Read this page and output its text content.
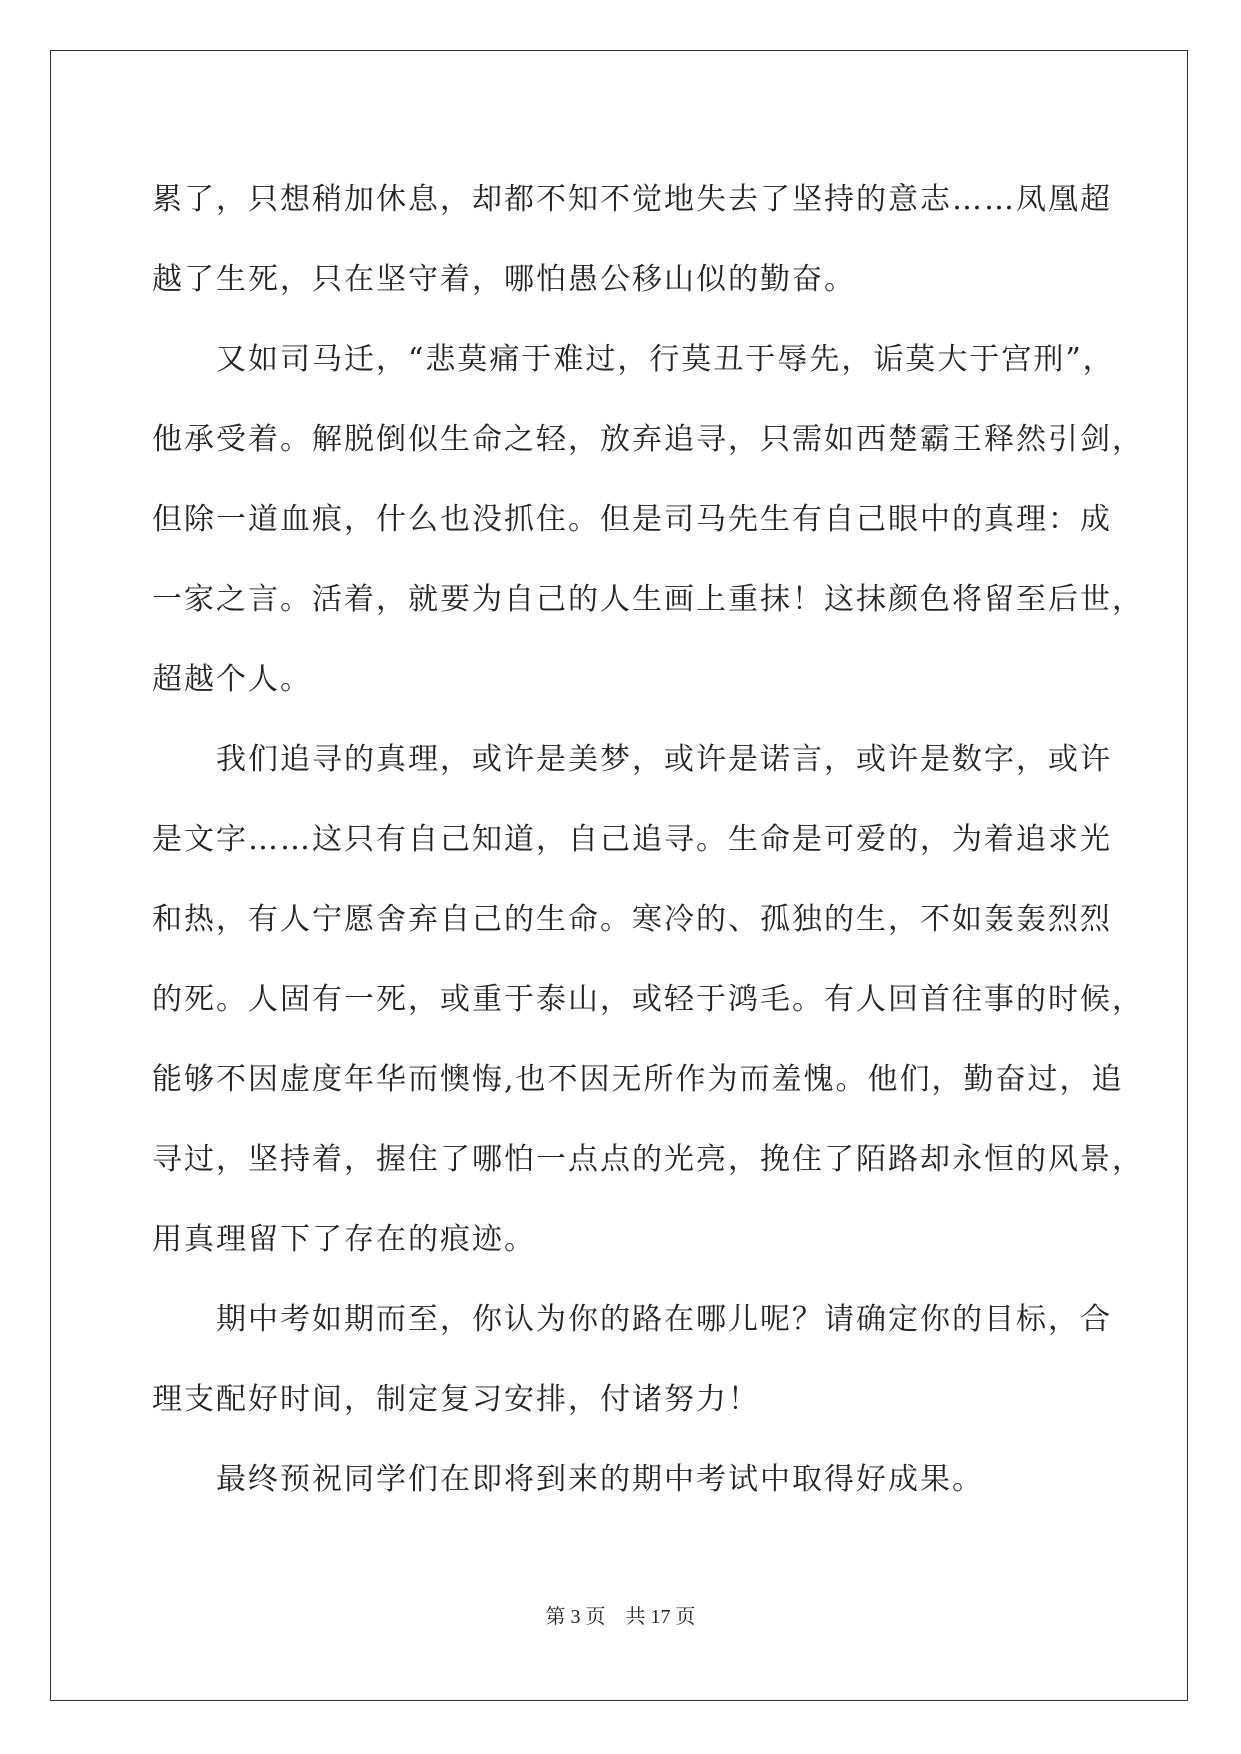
累了，只想稍加休息，却都不知不觉地失去了坚持的意志……凤凰超
越了生死，只在坚守着，哪怕愚公移山似的勤奋。

又如司马迁，“悲莫痛于难过，行莫丑于辱先，诟莫大于宫刑”，
他承受着。解脱倒似生命之轻，放弃追寻，只需如西楚霸王释然引剑，
但除一道血痕，什么也没抓住。但是司马先生有自己眼中的真理：成
一家之言。活着，就要为自己的人生画上重抹！这抹颜色将留至后世，
超越个人。

我们追寻的真理，或许是美梦，或许是诺言，或许是数字，或许
是文字……这只有自己知道，自己追寻。生命是可爱的，为着追求光
和热，有人宁愿舍弃自己的生命。寒冷的、孤独的生，不如轰轰烈烈
的死。人固有一死，或重于泰山，或轻于鸿毛。有人回首往事的时候，
能够不因虚度年华而懊悔,也不因无所作为而羞愧。他们，勤奋过，追
寻过，坚持着，握住了哪怕一点点的光亮，挽住了陌路却永恒的风景，
用真理留下了存在的痕迹。

期中考如期而至，你认为你的路在哪儿呢？请确定你的目标，合
理支配好时间，制定复习安排，付诸努力！

最终预祝同学们在即将到来的期中考试中取得好成果。

第 3 页　共 17 页
